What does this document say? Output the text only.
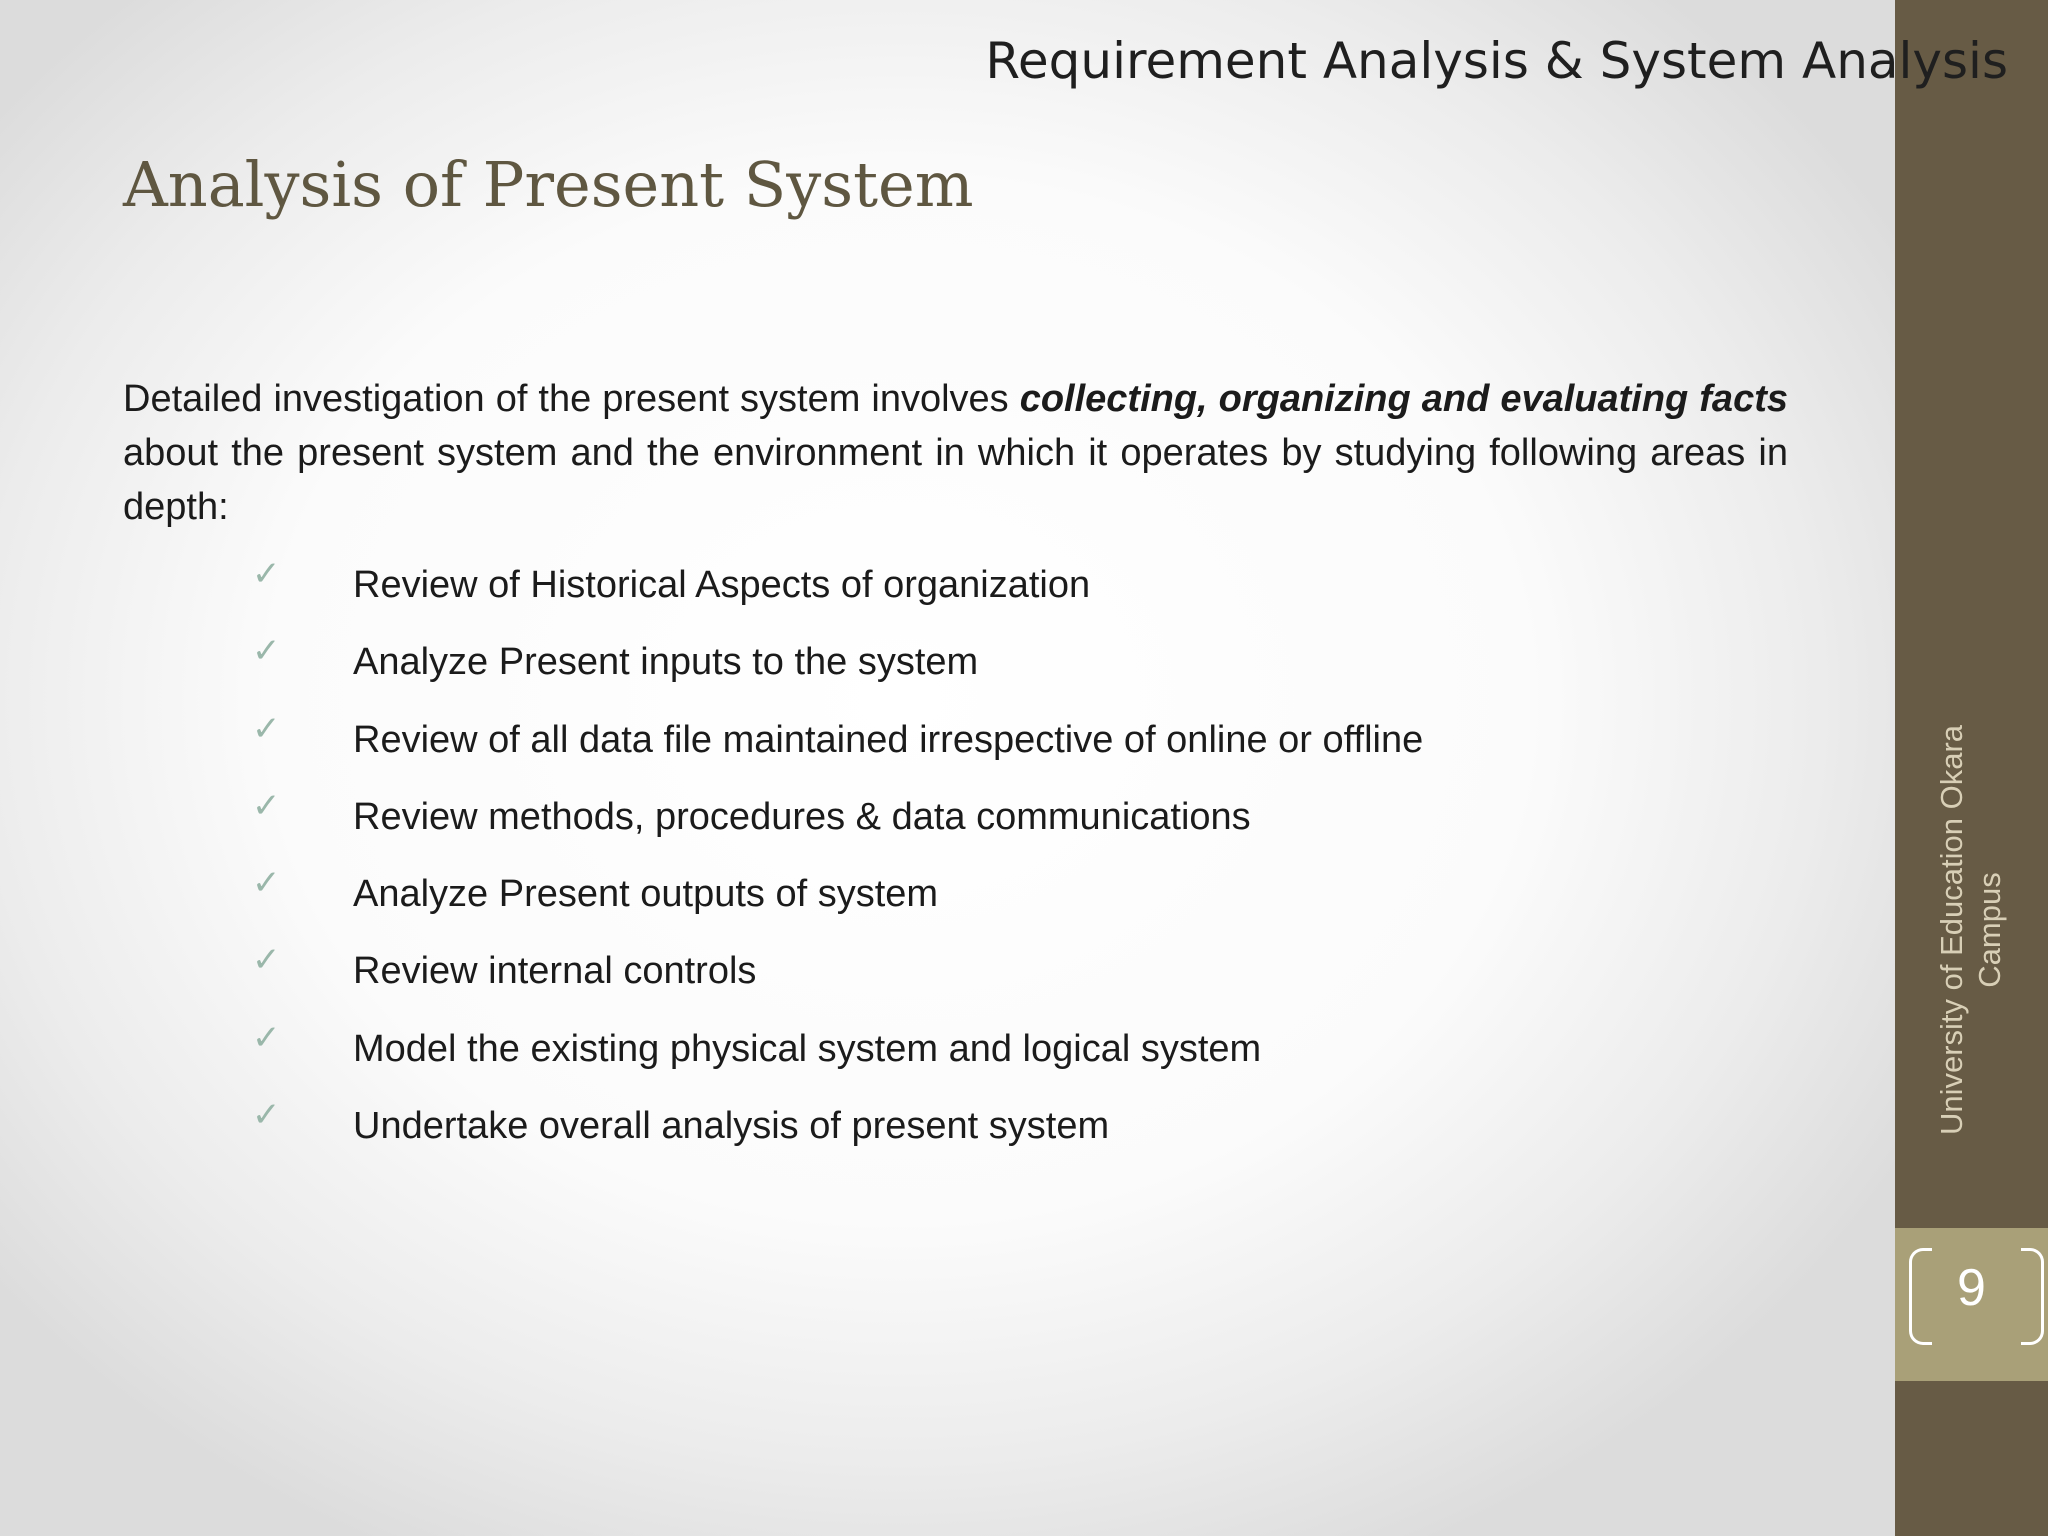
Requirement Analysis & System Analysis
University of Education Okara
Campus
9
Analysis of Present System

Detailed investigation of the present system involves collecting, organizing and evaluating facts about the present system and the environment in which it operates by studying following areas in depth:

✓	Review of Historical Aspects of organization
✓	Analyze Present inputs to the system
✓	Review of all data file maintained irrespective of online or offline
✓	Review methods, procedures & data communications
✓	Analyze Present outputs of system
✓	Review internal controls
✓	Model the existing physical system and logical system
✓	Undertake overall analysis of present system
